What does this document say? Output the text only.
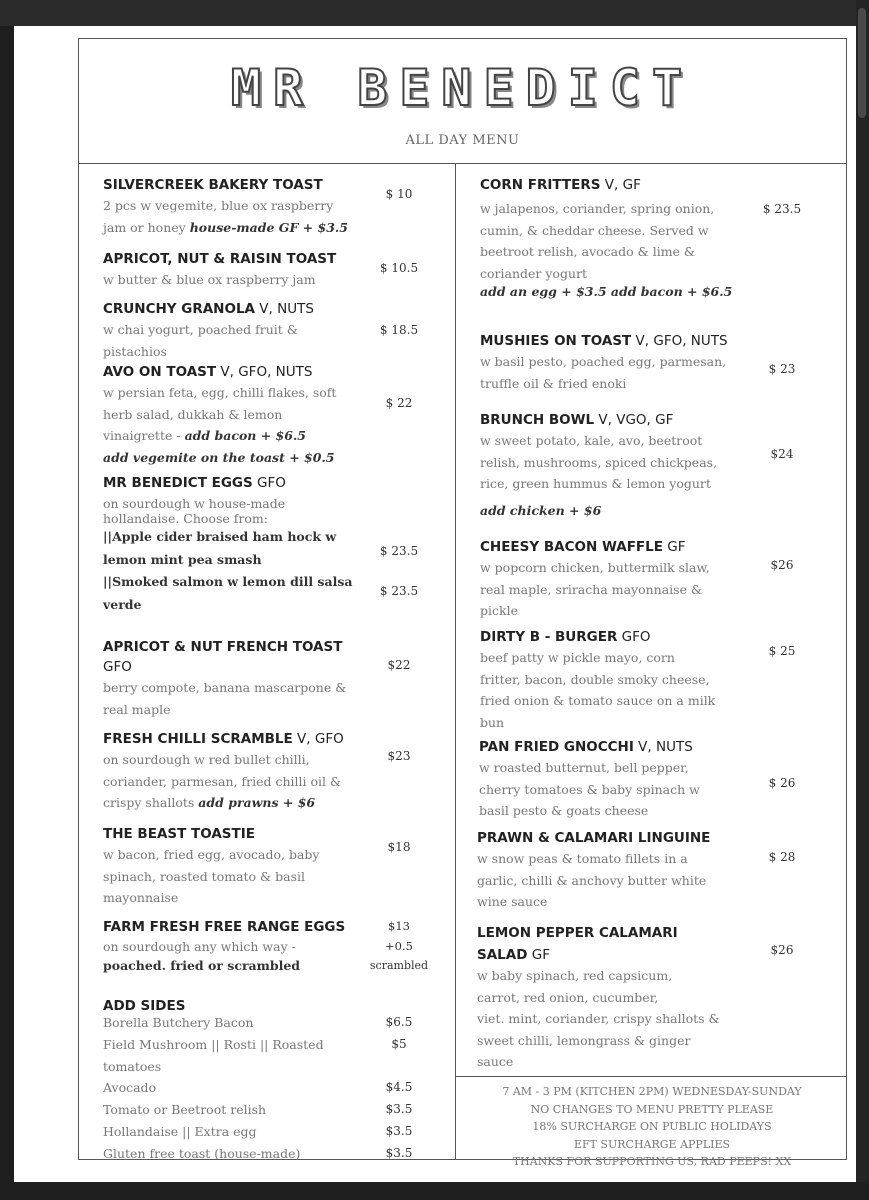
MR BENEDICT
ALL DAY MENU
SILVERCREEK BAKERY TOAST
2 pcs w vegemite, blue ox raspberry
jam or honey house-made GF + $3.5
$ 10
APRICOT, NUT & RAISIN TOAST
w butter & blue ox raspberry jam
$ 10.5
CRUNCHY GRANOLA V, NUTS
w chai yogurt, poached fruit &
pistachios
$ 18.5
AVO ON TOAST V, GFO, NUTS
w persian feta, egg, chilli flakes, soft
herb salad, dukkah & lemon
vinaigrette - add bacon + $6.5
add vegemite on the toast + $0.5
$ 22
MR BENEDICT EGGS GFO
on sourdough w house-made
hollandaise. Choose from:
||Apple cider braised ham hock w
lemon mint pea smash
||Smoked salmon w lemon dill salsa
verde
$ 23.5
$ 23.5
APRICOT & NUT FRENCH TOAST
GFO
berry compote, banana mascarpone &
real maple
$22
FRESH CHILLI SCRAMBLE V, GFO
on sourdough w red bullet chilli,
coriander, parmesan, fried chilli oil &
crispy shallots add prawns + $6
$23
THE BEAST TOASTIE
w bacon, fried egg, avocado, baby
spinach, roasted tomato & basil
mayonnaise
$18
FARM FRESH FREE RANGE EGGS
on sourdough any which way -
poached. fried or scrambled
$13
+0.5
scrambled
ADD SIDES
Borella Butchery Bacon	$6.5
Field Mushroom || Rosti || Roasted	$5
tomatoes
Avocado	$4.5
Tomato or Beetroot relish	$3.5
Hollandaise || Extra egg	$3.5
Gluten free toast (house-made)	$3.5
CORN FRITTERS V, GF
w jalapenos, coriander, spring onion,
cumin, & cheddar cheese. Served w
beetroot relish, avocado & lime &
coriander yogurt
add an egg + $3.5 add bacon + $6.5
$ 23.5
MUSHIES ON TOAST V, GFO, NUTS
w basil pesto, poached egg, parmesan,
truffle oil & fried enoki
$ 23
BRUNCH BOWL V, VGO, GF
w sweet potato, kale, avo, beetroot
relish, mushrooms, spiced chickpeas,
rice, green hummus & lemon yogurt
add chicken + $6
$24
CHEESY BACON WAFFLE GF
w popcorn chicken, buttermilk slaw,
real maple, sriracha mayonnaise &
pickle
$26
DIRTY B - BURGER GFO
beef patty w pickle mayo, corn
fritter, bacon, double smoky cheese,
fried onion & tomato sauce on a milk
bun
$ 25
PAN FRIED GNOCCHI V, NUTS
w roasted butternut, bell pepper,
cherry tomatoes & baby spinach w
basil pesto & goats cheese
$ 26
PRAWN & CALAMARI LINGUINE
w snow peas & tomato fillets in a
garlic, chilli & anchovy butter white
wine sauce
$ 28
LEMON PEPPER CALAMARI
SALAD GF
w baby spinach, red capsicum,
carrot, red onion, cucumber,
viet. mint, coriander, crispy shallots &
sweet chilli, lemongrass & ginger
sauce
$26
7 AM - 3 PM (KITCHEN 2PM) WEDNESDAY-SUNDAY
NO CHANGES TO MENU PRETTY PLEASE
18% SURCHARGE ON PUBLIC HOLIDAYS
EFT SURCHARGE APPLIES
THANKS FOR SUPPORTING US, RAD PEEPS! XX
